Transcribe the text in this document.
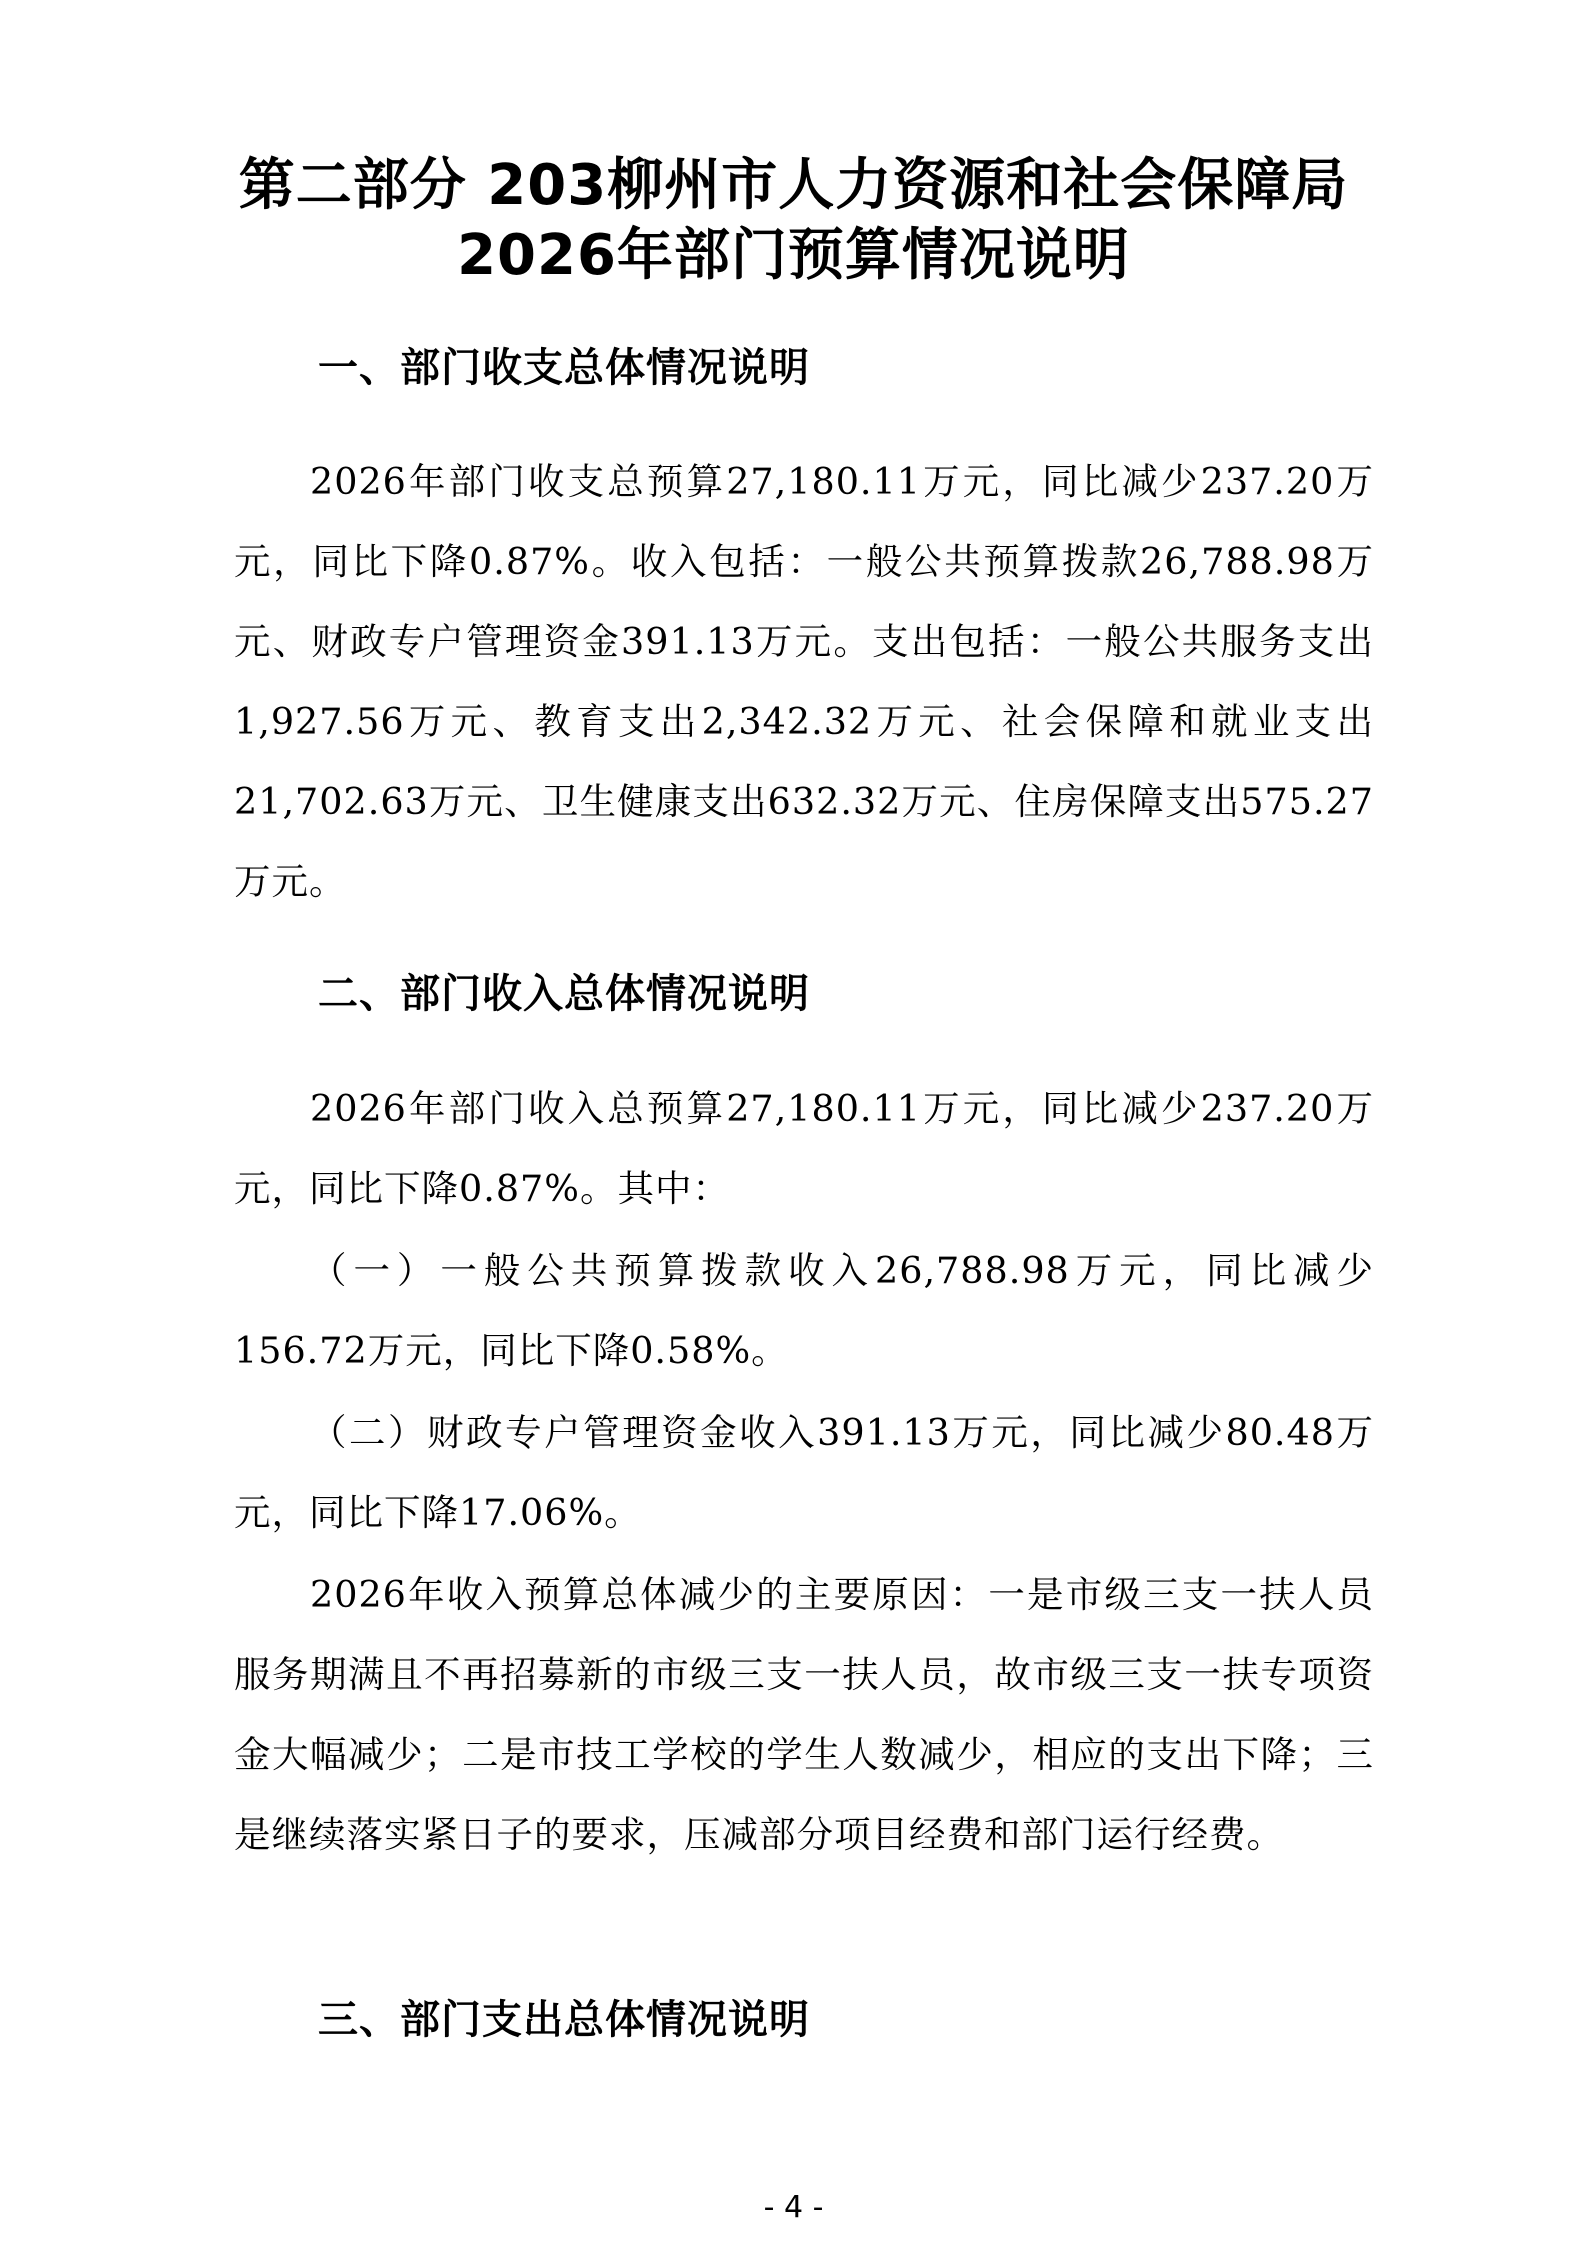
第二部分 203柳州市人力资源和社会保障局
2026年部门预算情况说明
一、部门收支总体情况说明
2026年部门收支总预算27,180.11万元，同比减少237.20万元，同比下降0.87%。收入包括：一般公共预算拨款26,788.98万元、财政专户管理资金391.13万元。支出包括：一般公共服务支出1,927.56万元、教育支出2,342.32万元、社会保障和就业支出21,702.63万元、卫生健康支出632.32万元、住房保障支出575.27万元。
二、部门收入总体情况说明
2026年部门收入总预算27,180.11万元，同比减少237.20万元，同比下降0.87%。其中：
（一）一般公共预算拨款收入26,788.98万元，同比减少156.72万元，同比下降0.58%。
（二）财政专户管理资金收入391.13万元，同比减少80.48万元，同比下降17.06%。
2026年收入预算总体减少的主要原因：一是市级三支一扶人员服务期满且不再招募新的市级三支一扶人员，故市级三支一扶专项资金大幅减少；二是市技工学校的学生人数减少，相应的支出下降；三是继续落实紧日子的要求，压减部分项目经费和部门运行经费。
三、部门支出总体情况说明
- 4 -
